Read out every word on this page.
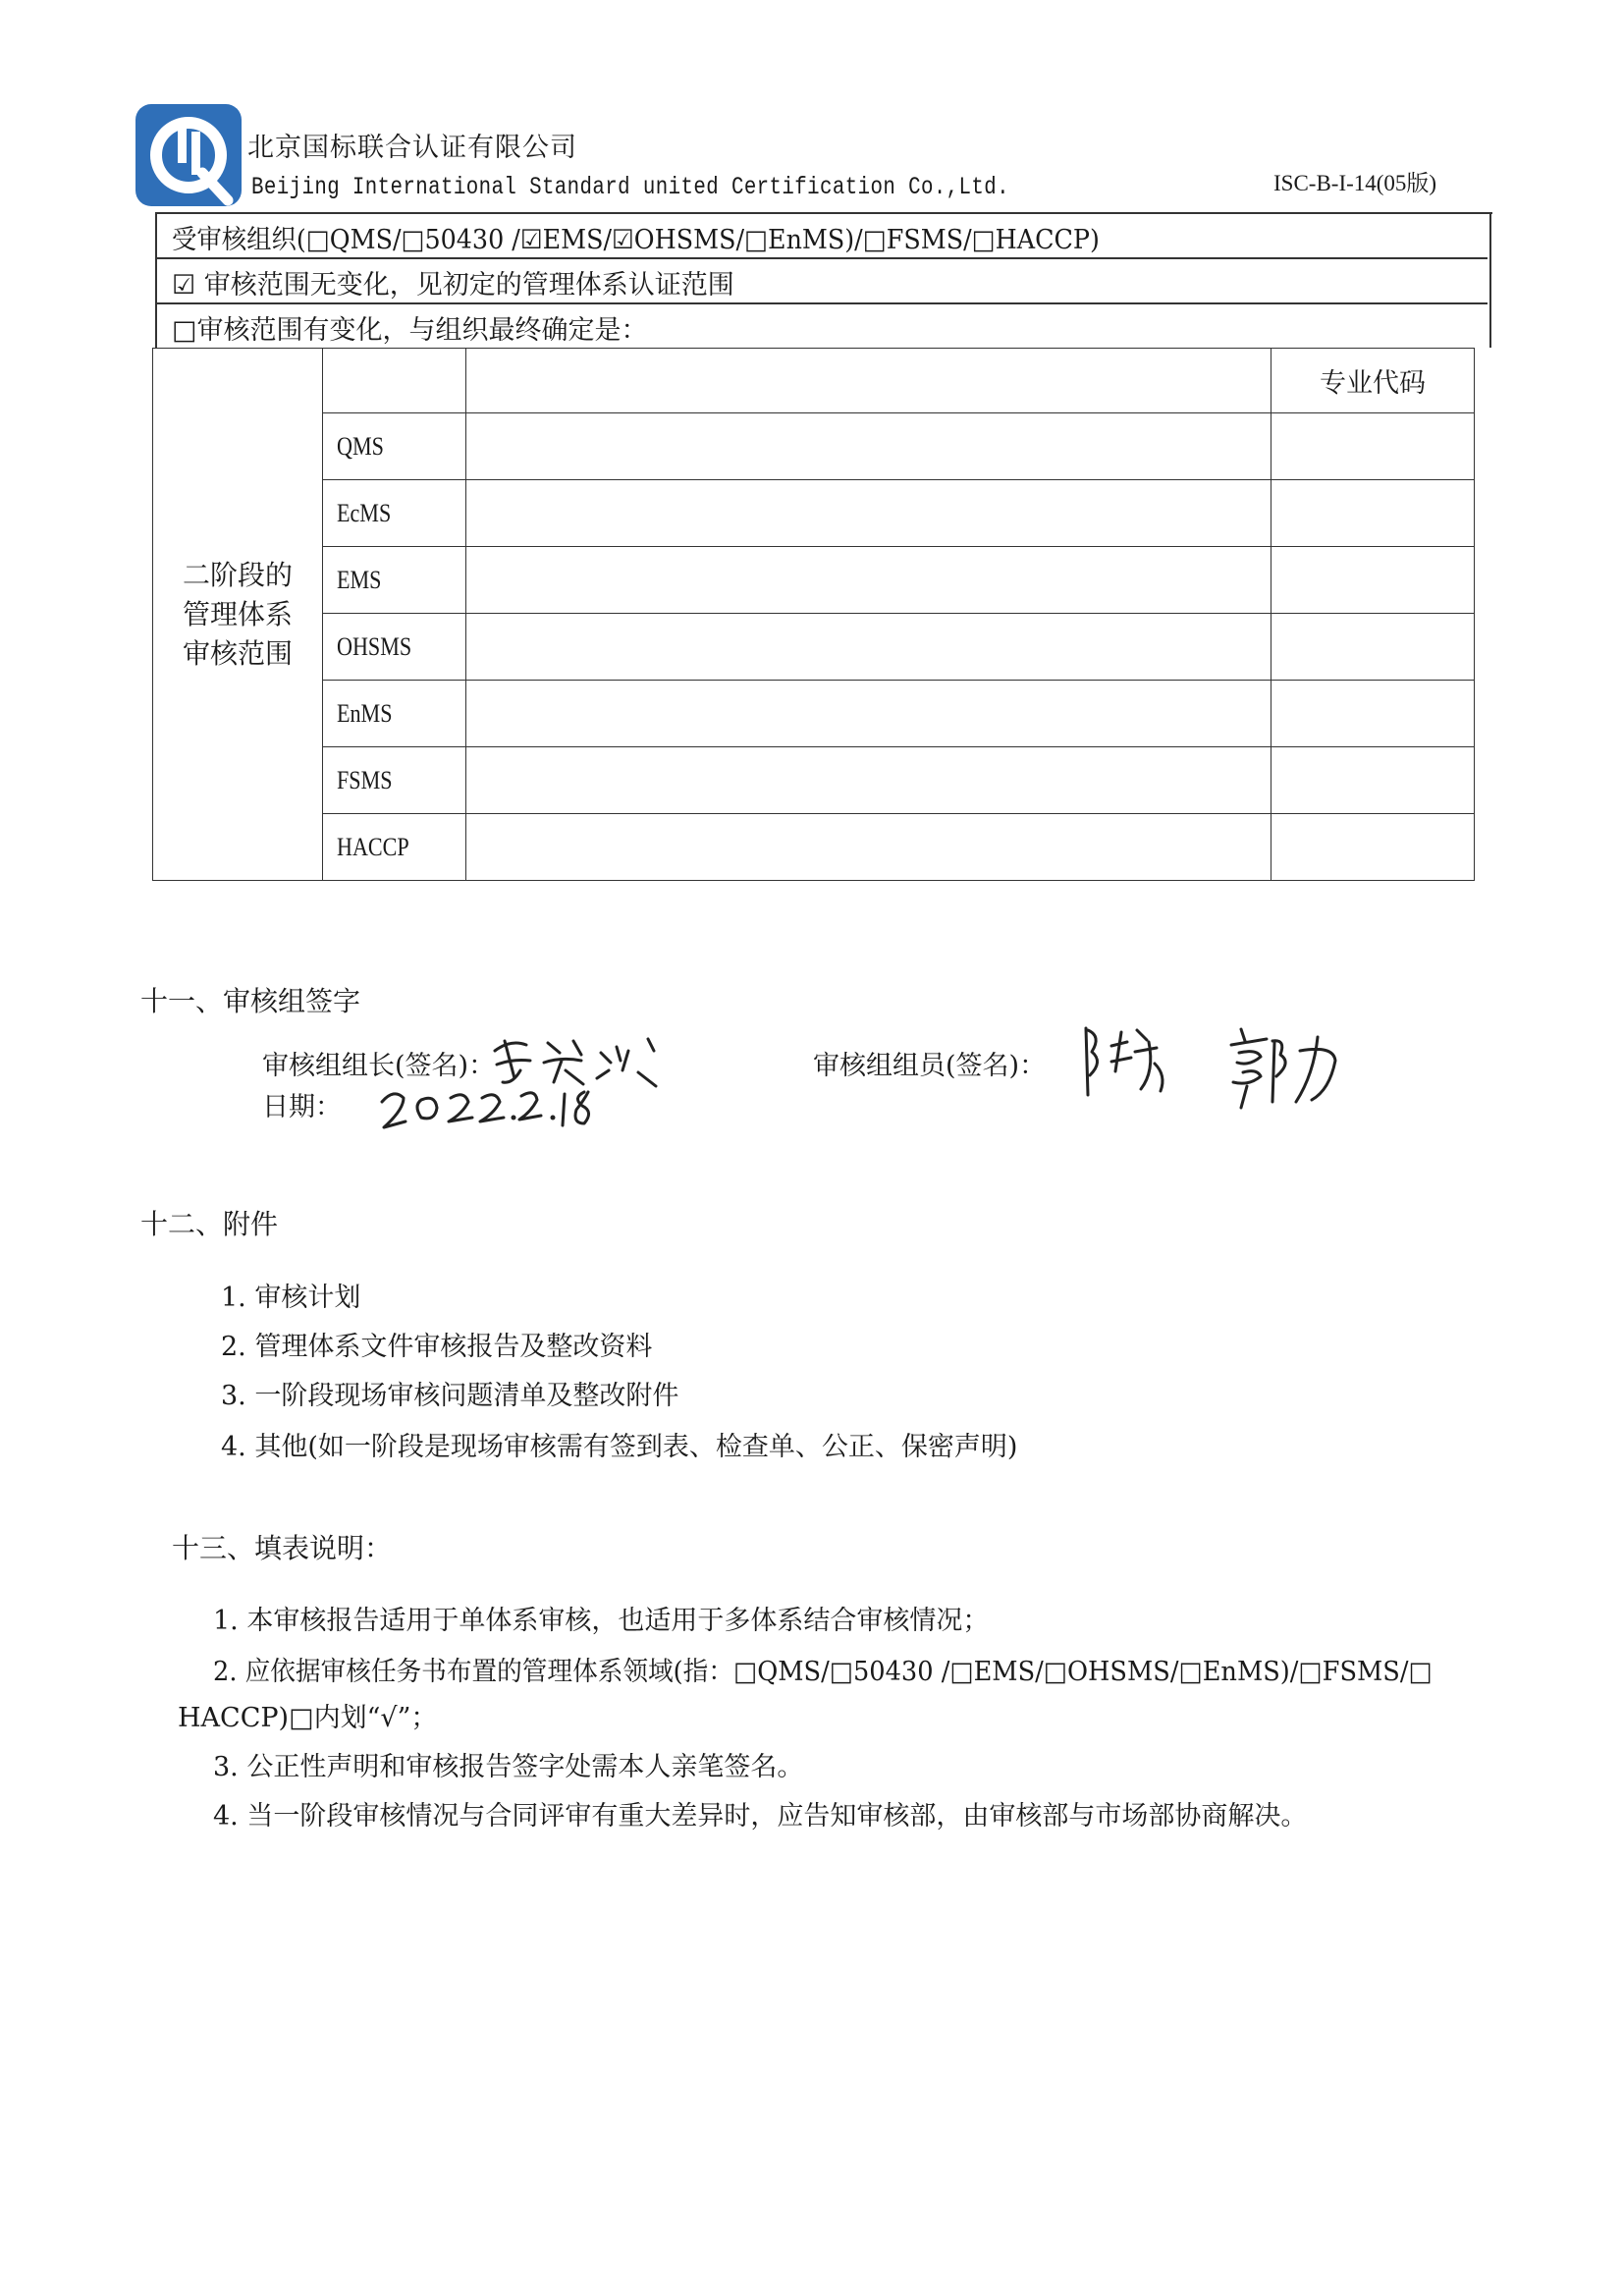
北京国标联合认证有限公司
Beijing International Standard united Certification Co.,Ltd.	ISC-B-I-14(05版)
受审核组织(□QMS/□50430 /☑EMS/☑OHSMS/□EnMS)/□FSMS/□HACCP)
☑ 审核范围无变化，见初定的管理体系认证范围
□审核范围有变化，与组织最终确定是：
二阶段的
管理体系
审核范围			专业代码

	QMS		

	EcMS		

	EMS		

	OHSMS		

	EnMS		

	FSMS		

	HACCP		

十一、审核组签字
审核组组长(签名)：
日期：
审核组组员(签名)：
十二、附件
1. 审核计划
2. 管理体系文件审核报告及整改资料
3. 一阶段现场审核问题清单及整改附件
4. 其他(如一阶段是现场审核需有签到表、检查单、公正、保密声明)
十三、填表说明：
1. 本审核报告适用于单体系审核，也适用于多体系结合审核情况；
2. 应依据审核任务书布置的管理体系领域(指：□QMS/□50430 /□EMS/□OHSMS/□EnMS)/□FSMS/□
HACCP)□内划“√”；
3. 公正性声明和审核报告签字处需本人亲笔签名。
4. 当一阶段审核情况与合同评审有重大差异时，应告知审核部，由审核部与市场部协商解决。
